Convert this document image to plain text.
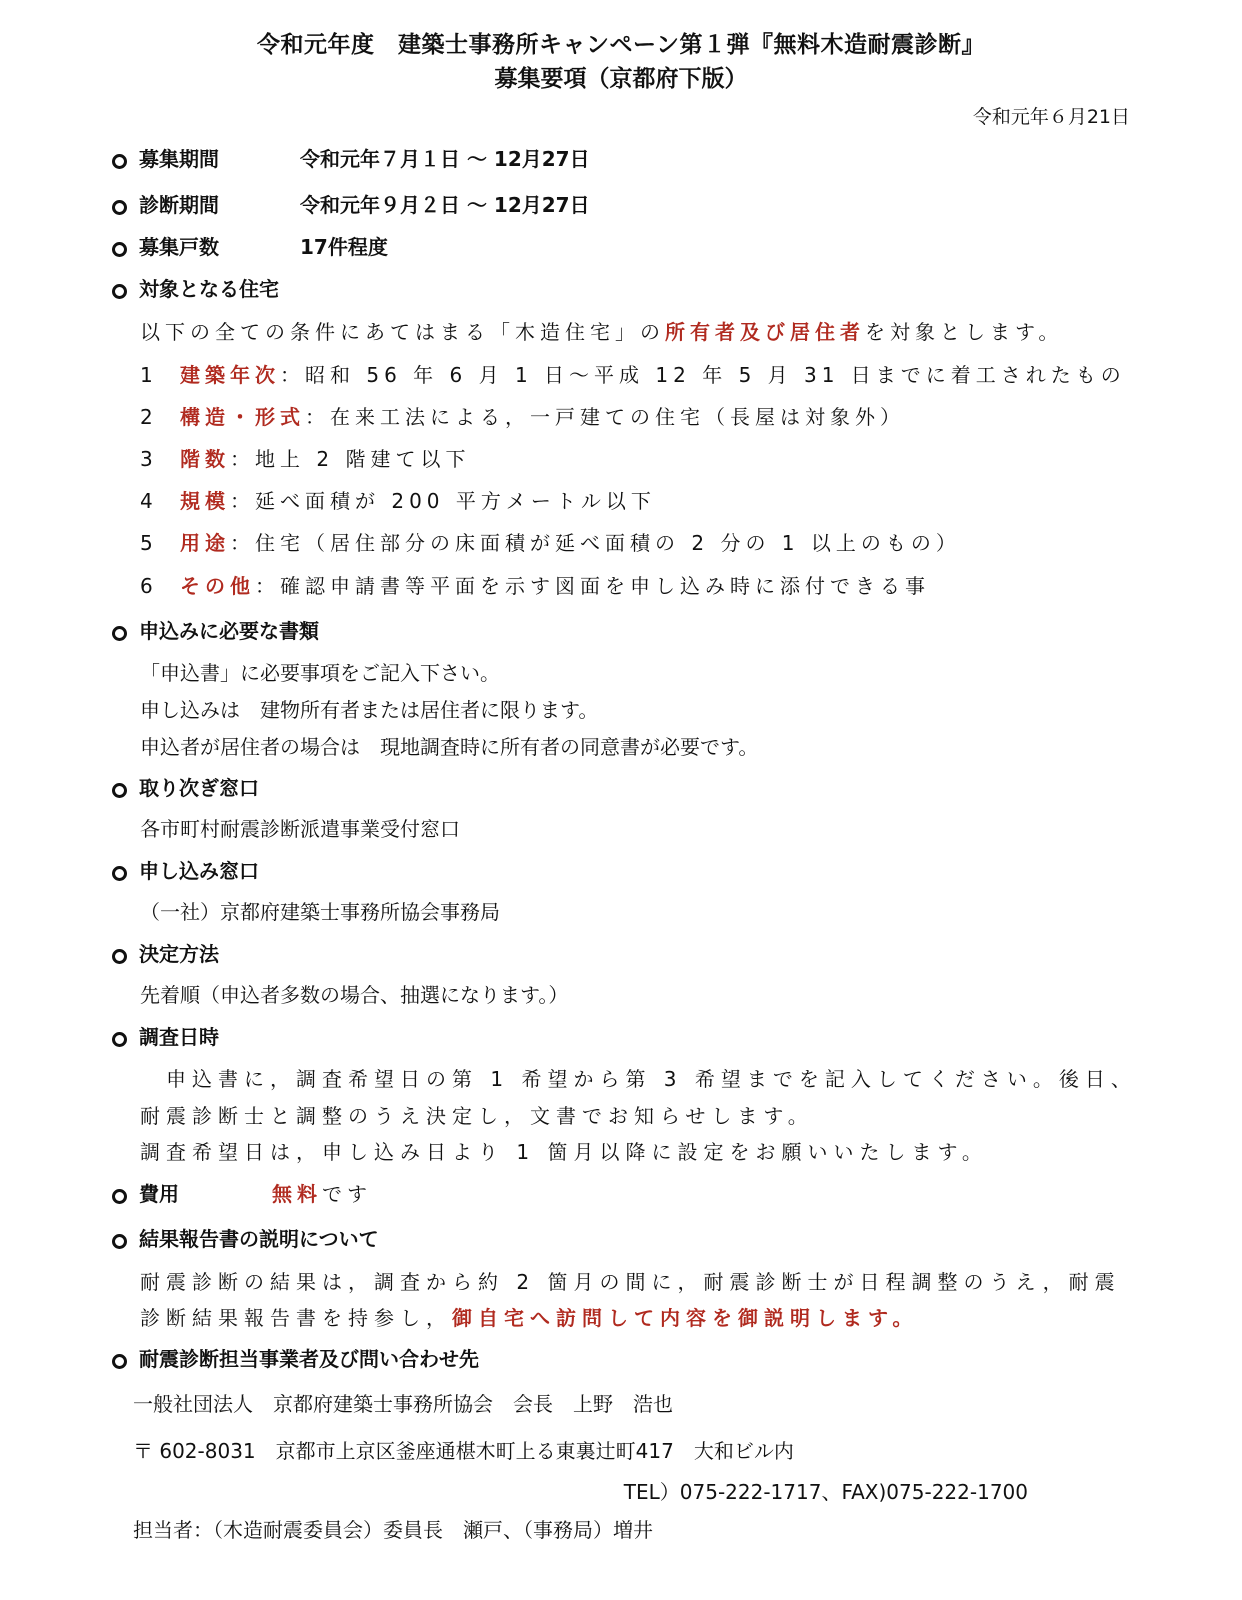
令和元年度　建築士事務所キャンペーン第１弾『無料木造耐震診断』
募集要項（京都府下版）
令和元年６月21日
募集期間	令和元年７月１日 ～ 12月27日
診断期間	令和元年９月２日 ～ 12月27日
募集戸数	17件程度
対象となる住宅
以下の全ての条件にあてはまる「木造住宅」の所有者及び居住者を対象とします。
1 建築年次：昭和 56 年 6 月 1 日～平成 12 年 5 月 31 日までに着工されたもの
2 構造・形式：在来工法による，一戸建ての住宅（長屋は対象外）
3 階数：地上 2 階建て以下
4 規模：延べ面積が 200 平方メートル以下
5 用途：住宅（居住部分の床面積が延べ面積の 2 分の 1 以上のもの）
6 その他：確認申請書等平面を示す図面を申し込み時に添付できる事
申込みに必要な書類
「申込書」に必要事項をご記入下さい。
申し込みは　建物所有者または居住者に限ります。
申込者が居住者の場合は　現地調査時に所有者の同意書が必要です。
取り次ぎ窓口
各市町村耐震診断派遣事業受付窓口
申し込み窓口
（一社）京都府建築士事務所協会事務局
決定方法
先着順（申込者多数の場合、抽選になります。）
調査日時
申込書に，調査希望日の第 1 希望から第 3 希望までを記入してください。後日、
耐震診断士と調整のうえ決定し，文書でお知らせします。
調査希望日は，申し込み日より 1 箇月以降に設定をお願いいたします。
費用	無料です
結果報告書の説明について
耐震診断の結果は，調査から約 2 箇月の間に，耐震診断士が日程調整のうえ，耐震
診断結果報告書を持参し，御自宅へ訪問して内容を御説明します。
耐震診断担当事業者及び問い合わせ先
一般社団法人　京都府建築士事務所協会　会長　上野　浩也
〒 602-8031　京都市上京区釜座通椹木町上る東裏辻町417　大和ビル内
TEL）075-222-1717、FAX)075-222-1700
担当者：（木造耐震委員会）委員長　瀬戸、（事務局）増井
